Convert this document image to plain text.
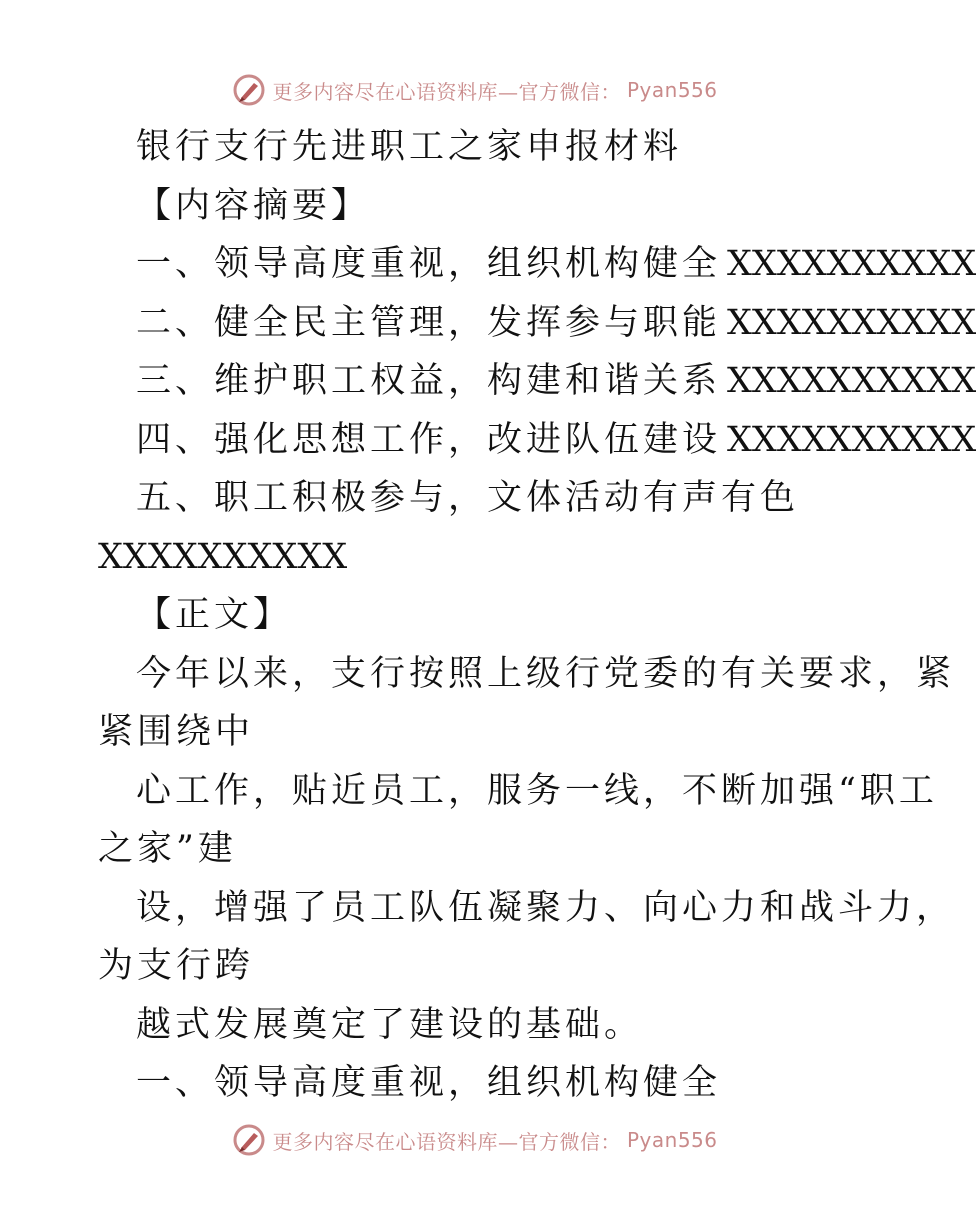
更多内容尽在心语资料库—官方微信： Pyan556
银行支行先进职工之家申报材料
【内容摘要】
一、领导高度重视，组织机构健全 XXXXXXXXXX
二、健全民主管理，发挥参与职能 XXXXXXXXXX
三、维护职工权益，构建和谐关系 XXXXXXXXXX
四、强化思想工作，改进队伍建设 XXXXXXXXXX
五、职工积极参与，文体活动有声有色
XXXXXXXXXX
【正文】
今年以来，支行按照上级行党委的有关要求，紧
紧围绕中
心工作，贴近员工，服务一线，不断加强“职工
之家”建
设，增强了员工队伍凝聚力、向心力和战斗力，
为支行跨
越式发展奠定了建设的基础。
一、领导高度重视，组织机构健全
更多内容尽在心语资料库—官方微信： Pyan556
